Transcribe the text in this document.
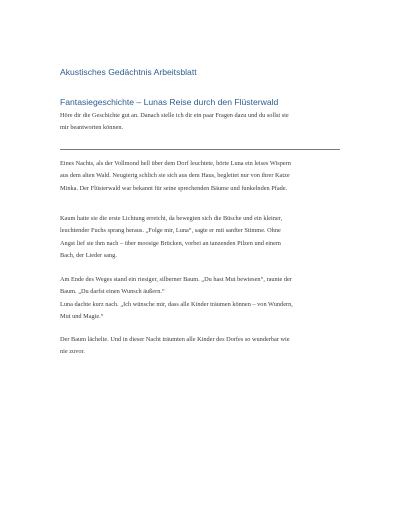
Akustisches Gedächtnis Arbeitsblatt
Fantasiegeschichte – Lunas Reise durch den Flüsterwald
Höre dir die Geschichte gut an. Danach stelle ich dir ein paar Fragen dazu und du sollst sie
mir beantworten können.
Eines Nachts, als der Vollmond hell über dem Dorf leuchtete, hörte Luna ein leises Wispern
aus dem alten Wald. Neugierig schlich sie sich aus dem Haus, begleitet nur von ihrer Katze
Minka. Der Flüsterwald war bekannt für seine sprechenden Bäume und funkelnden Pfade.
Kaum hatte sie die erste Lichtung erreicht, da bewegten sich die Büsche und ein kleiner,
leuchtender Fuchs sprang heraus. „Folge mir, Luna“, sagte er mit sanfter Stimme. Ohne
Angst lief sie ihm nach – über moosige Brücken, vorbei an tanzenden Pilzen und einem
Bach, der Lieder sang.
Am Ende des Weges stand ein riesiger, silberner Baum. „Du hast Mut bewiesen“, raunte der
Baum. „Du darfst einen Wunsch äußern.“
Luna dachte kurz nach. „Ich wünsche mir, dass alle Kinder träumen können – von Wundern,
Mut und Magie.“
Der Baum lächelte. Und in dieser Nacht träumten alle Kinder des Dorfes so wunderbar wie
nie zuvor.
